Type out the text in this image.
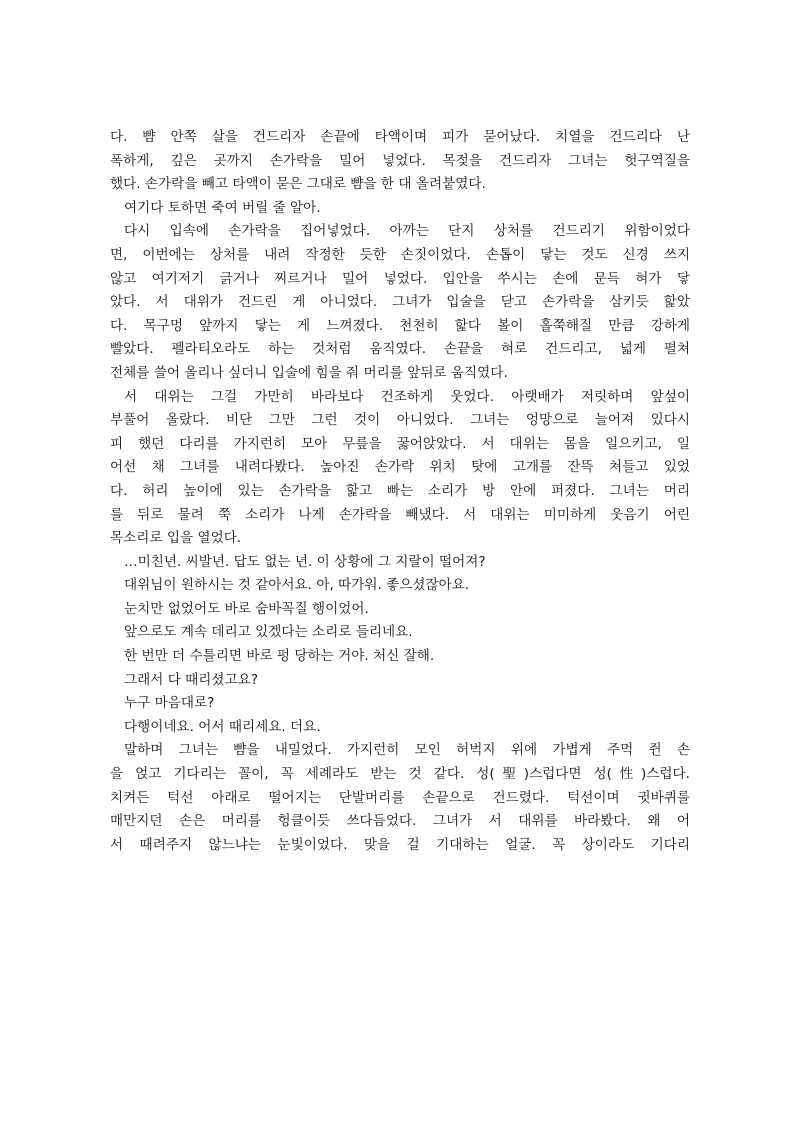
다. 뺨 안쪽 살을 건드리자 손끝에 타액이며 피가 묻어났다. 치열을 건드리다 난
폭하게, 깊은 곳까지 손가락을 밀어 넣었다. 목젖을 건드리자 그녀는 헛구역질을
했다. 손가락을 빼고 타액이 묻은 그대로 뺨을 한 대 올려붙였다.
여기다 토하면 죽여 버릴 줄 알아.
다시 입속에 손가락을 집어넣었다. 아까는 단지 상처를 건드리기 위함이었다
면, 이번에는 상처를 내려 작정한 듯한 손짓이었다. 손톱이 닿는 것도 신경 쓰지
않고 여기저기 긁거나 찌르거나 밀어 넣었다. 입안을 쑤시는 손에 문득 혀가 닿
았다. 서 대위가 건드린 게 아니었다. 그녀가 입술을 닫고 손가락을 삼키듯 핥았
다. 목구멍 앞까지 닿는 게 느껴졌다. 천천히 핥다 볼이 홀쭉해질 만큼 강하게
빨았다. 펠라티오라도 하는 것처럼 움직였다. 손끝을 혀로 건드리고, 넓게 펼쳐
전체를 쓸어 올리나 싶더니 입술에 힘을 줘 머리를 앞뒤로 움직였다.
서 대위는 그걸 가만히 바라보다 건조하게 웃었다. 아랫배가 저릿하며 앞섶이
부풀어 올랐다. 비단 그만 그런 것이 아니었다. 그녀는 엉망으로 늘어져 있다시
피 했던 다리를 가지런히 모아 무릎을 꿇어앉았다. 서 대위는 몸을 일으키고, 일
어선 채 그녀를 내려다봤다. 높아진 손가락 위치 탓에 고개를 잔뜩 쳐들고 있었
다. 허리 높이에 있는 손가락을 핥고 빠는 소리가 방 안에 퍼졌다. 그녀는 머리
를 뒤로 물려 쭉 소리가 나게 손가락을 빼냈다. 서 대위는 미미하게 웃음기 어린
목소리로 입을 열었다.
…미친년. 씨발년. 답도 없는 년. 이 상황에 그 지랄이 떨어져?
대위님이 원하시는 것 같아서요. 아, 따가워. 좋으셨잖아요.
눈치만 없었어도 바로 숨바꼭질 행이었어.
앞으로도 계속 데리고 있겠다는 소리로 들리네요.
한 번만 더 수틀리면 바로 펑 당하는 거야. 처신 잘해.
그래서 다 때리셨고요?
누구 마음대로?
다행이네요. 어서 때리세요. 더요.
말하며 그녀는 뺨을 내밀었다. 가지런히 모인 허벅지 위에 가볍게 주먹 쥔 손
을 얹고 기다리는 꼴이, 꼭 세례라도 받는 것 같다. 성(聖)스럽다면 성(性)스럽다.
치켜든 턱선 아래로 떨어지는 단발머리를 손끝으로 건드렸다. 턱선이며 귓바퀴를
매만지던 손은 머리를 헝클이듯 쓰다듬었다. 그녀가 서 대위를 바라봤다. 왜 어
서 때려주지 않느냐는 눈빛이었다. 맞을 걸 기대하는 얼굴. 꼭 상이라도 기다리
